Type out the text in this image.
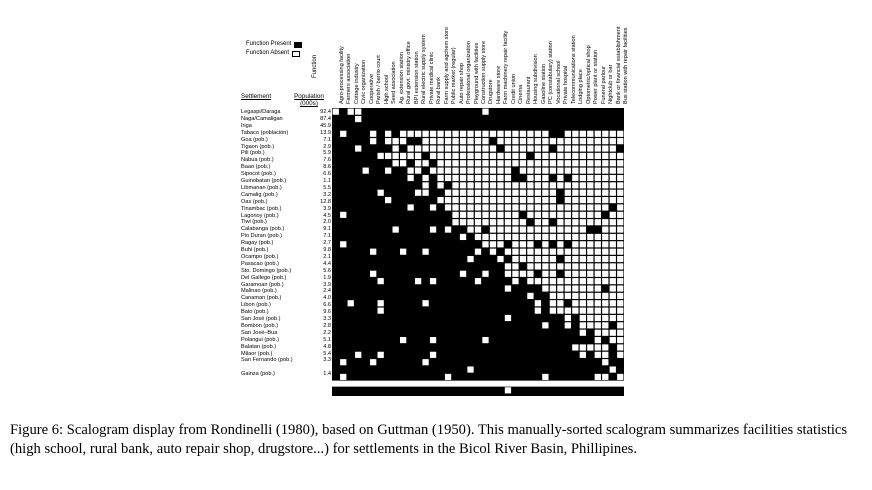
Function Present
Function Absent
Function	Agro-processing facility Farmers association Cottage industry Civic organization Cooperative Parish / barrio court High school Seed association Ag. extension station Rural govt. ministry office BPI extension station Rural electric supply system Private medical clinic Rural bank Farm supply and agchem store Public market (regular) Auto repair shop Professional organization Playground with facilities Construction supply store Drugstore Hardware store Farm machinery repair facility Credit union Cinema Restaurant Housing subdivision Gasoline station PC (constabulary) station Vocational school Private hospital Telecommunications station Lodging place Optometric/optical shop Power plant or station Funeral parlour Nightclub or bar Bank or financial establishment Bus station with repair facilities
Settlement	Population (000s)
Legaspi/Daraga	92.4
Naga/Camaligan	87.4
Iriga	45.9
Tabaco (población)	13.9
Goa (pob.)	7.1
Tigaon (pob.)	2.9
Pili (pob.)	5.9
Nabua (pob.)	7.6
Baao (pob.)	8.6
Sipocot (pob.)	6.6
Guinobatan (pob.)	1.1
Libmanan (pob.)	5.5
Camalig (pob.)	3.2
Oas (pob.)	12.8
Tinambac (pob.)	3.9
Lagonoy (pob.)	4.5
Tiwi (pob.)	2.0
Calabanga (pob.)	9.1
Pio Duran (pob.)	7.1
Ragay (pob.)	2.7
Buhi (pob.)	9.8
Ocampo (pob.)	2.1
Pasacao (pob.)	4.4
Sto. Domingo (pob.)	5.6
Del Gallego (pob.)	1.9
Garamoan (pob.)	3.9
Malinao (pob.)	2.4
Canaman (pob.)	4.0
Libon (pob.)	6.6
Bato (pob.)	9.6
San José (pob.)	3.3
Bombon (pob.)	2.8
San José–Bua	2.2
Polangui (pob.)	5.1
Balatan (pob.)	4.8
Milaor (pob.)	5.4
San Fernando (pob.)	3.3
Gainza (pob.)	1.4
Figure 6: Scalogram display from Rondinelli (1980), based on Guttman (1950). This manually-sorted scalogram summarizes facilities statistics (high school, rural bank, auto repair shop, drugstore...) for settlements in the Bicol River Basin, Phillipines.
